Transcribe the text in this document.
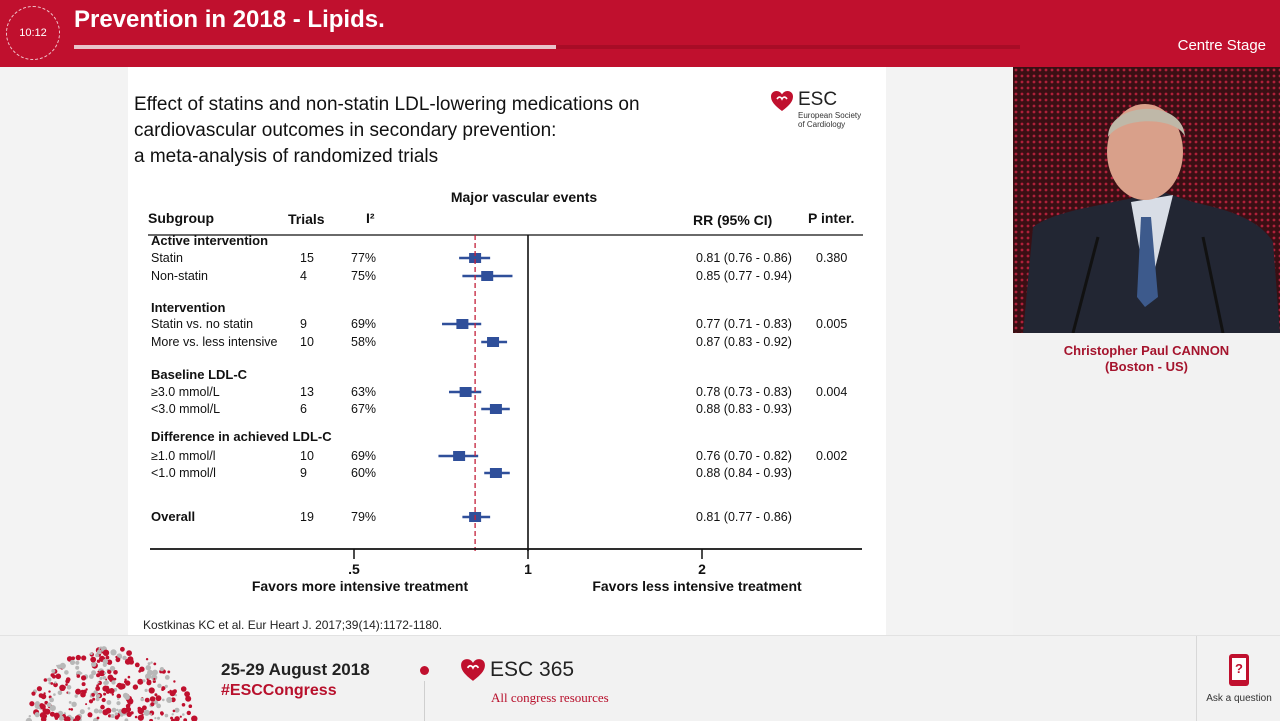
10:12	Prevention in 2018 - Lipids.
Centre Stage
Effect of statins and non-statin LDL-lowering medications on
cardiovascular outcomes in secondary prevention:
a meta-analysis of randomized trials
ESC
European Society
of Cardiology
Major vascular events
Subgroup	Trials	I²	RR (95% CI)	P inter.
Active intervention
Statin	15	77%	0.81 (0.76 - 0.86) 0.380
Non-statin	4	75%	0.85 (0.77 - 0.94)
Intervention
Statin vs. no statin	9	69%	0.77 (0.71 - 0.83) 0.005
More vs. less intensive 10	58%	0.87 (0.83 - 0.92)
Baseline LDL-C
≥3.0 mmol/L	13	63%	0.78 (0.73 - 0.83) 0.004
<3.0 mmol/L	6	67%	0.88 (0.83 - 0.93)
Difference in achieved LDL-C
≥1.0 mmol/l	10	69%	0.76 (0.70 - 0.82) 0.002
<1.0 mmol/l	9	60%	0.88 (0.84 - 0.93)
Overall	19	79%	0.81 (0.77 - 0.86)
.5	1	2
Favors more intensive treatment	Favors less intensive treatment
Kostkinas KC et al. Eur Heart J. 2017;39(14):1172-1180.
Christopher Paul CANNON
(Boston - US)
25-29 August 2018
#ESCCongress
ESC 365
All congress resources
?
Ask a question
